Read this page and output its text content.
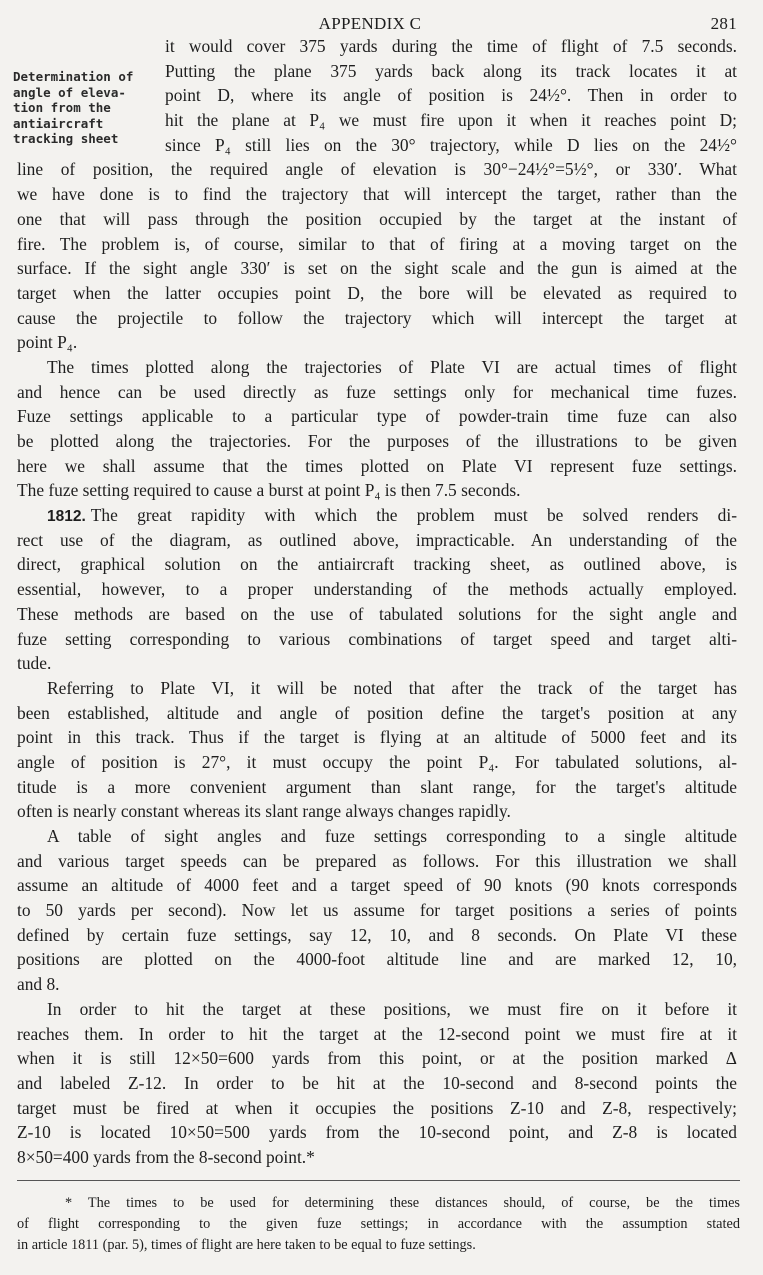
APPENDIX C	281
Determination of
angle of eleva-
tion from the
antiaircraft
tracking sheet
it would cover 375 yards during the time of flight of 7.5 seconds.
Putting the plane 375 yards back along its track locates it at
point D, where its angle of position is 24½°. Then in order to
hit the plane at P₄ we must fire upon it when it reaches point D;
since P₄ still lies on the 30° trajectory, while D lies on the 24½°
line of position, the required angle of elevation is 30°−24½°=5½°, or 330′. What
we have done is to find the trajectory that will intercept the target, rather than the
one that will pass through the position occupied by the target at the instant of
fire. The problem is, of course, similar to that of firing at a moving target on the
surface. If the sight angle 330′ is set on the sight scale and the gun is aimed at the
target when the latter occupies point D, the bore will be elevated as required to
cause the projectile to follow the trajectory which will intercept the target at
point P₄.
The times plotted along the trajectories of Plate VI are actual times of flight
and hence can be used directly as fuze settings only for mechanical time fuzes.
Fuze settings applicable to a particular type of powder-train time fuze can also
be plotted along the trajectories. For the purposes of the illustrations to be given
here we shall assume that the times plotted on Plate VI represent fuze settings.
The fuze setting required to cause a burst at point P₄ is then 7.5 seconds.
1812. The great rapidity with which the problem must be solved renders di-
rect use of the diagram, as outlined above, impracticable. An understanding of the
direct, graphical solution on the antiaircraft tracking sheet, as outlined above, is
essential, however, to a proper understanding of the methods actually employed.
These methods are based on the use of tabulated solutions for the sight angle and
fuze setting corresponding to various combinations of target speed and target alti-
tude.
Referring to Plate VI, it will be noted that after the track of the target has
been established, altitude and angle of position define the target's position at any
point in this track. Thus if the target is flying at an altitude of 5000 feet and its
angle of position is 27°, it must occupy the point P₄. For tabulated solutions, al-
titude is a more convenient argument than slant range, for the target's altitude
often is nearly constant whereas its slant range always changes rapidly.
A table of sight angles and fuze settings corresponding to a single altitude
and various target speeds can be prepared as follows. For this illustration we shall
assume an altitude of 4000 feet and a target speed of 90 knots (90 knots corresponds
to 50 yards per second). Now let us assume for target positions a series of points
defined by certain fuze settings, say 12, 10, and 8 seconds. On Plate VI these
positions are plotted on the 4000-foot altitude line and are marked 12, 10,
and 8.
In order to hit the target at these positions, we must fire on it before it
reaches them. In order to hit the target at the 12-second point we must fire at it
when it is still 12×50=600 yards from this point, or at the position marked Δ
and labeled Z-12. In order to be hit at the 10-second and 8-second points the
target must be fired at when it occupies the positions Z-10 and Z-8, respectively;
Z-10 is located 10×50=500 yards from the 10-second point, and Z-8 is located
8×50=400 yards from the 8-second point.*
* The times to be used for determining these distances should, of course, be the times
of flight corresponding to the given fuze settings; in accordance with the assumption stated
in article 1811 (par. 5), times of flight are here taken to be equal to fuze settings.
